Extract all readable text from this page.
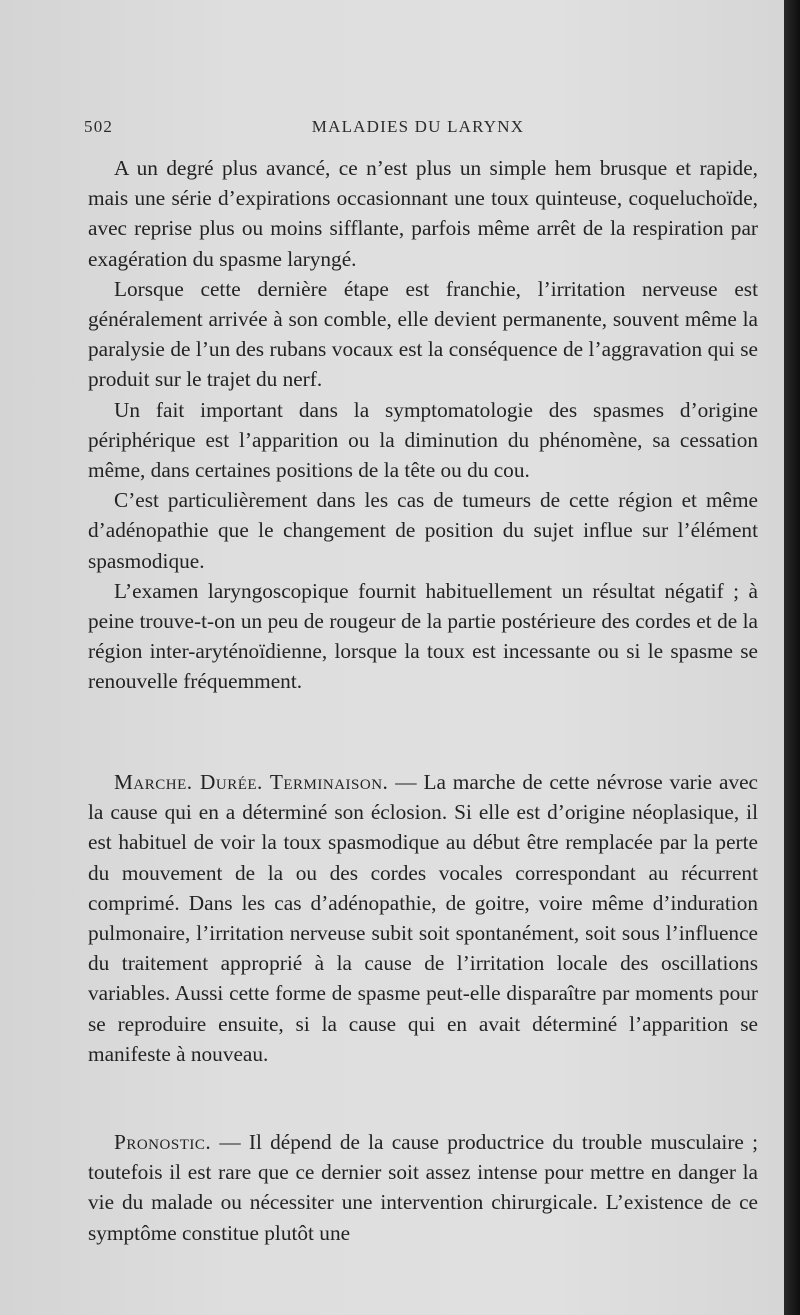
502	MALADIES DU LARYNX

A un degré plus avancé, ce n’est plus un simple hem brusque et rapide, mais une série d’expirations occasionnant une toux quinteuse, coqueluchoïde, avec reprise plus ou moins sifflante, parfois même arrêt de la respiration par exagération du spasme laryngé.

Lorsque cette dernière étape est franchie, l’irritation nerveuse est généralement arrivée à son comble, elle devient permanente, souvent même la paralysie de l’un des rubans vocaux est la conséquence de l’aggravation qui se produit sur le trajet du nerf.

Un fait important dans la symptomatologie des spasmes d’origine périphérique est l’apparition ou la diminution du phénomène, sa cessation même, dans certaines positions de la tête ou du cou.

C’est particulièrement dans les cas de tumeurs de cette région et même d’adénopathie que le changement de position du sujet influe sur l’élément spasmodique.

L’examen laryngoscopique fournit habituellement un résultat négatif ; à peine trouve-t-on un peu de rougeur de la partie postérieure des cordes et de la région inter-aryténoïdienne, lorsque la toux est incessante ou si le spasme se renouvelle fréquemment.

Marche. Durée. Terminaison. — La marche de cette névrose varie avec la cause qui en a déterminé son éclosion. Si elle est d’origine néoplasique, il est habituel de voir la toux spasmodique au début être remplacée par la perte du mouvement de la ou des cordes vocales correspondant au récurrent comprimé. Dans les cas d’adénopathie, de goitre, voire même d’induration pulmonaire, l’irritation nerveuse subit soit spontanément, soit sous l’influence du traitement approprié à la cause de l’irritation locale des oscillations variables. Aussi cette forme de spasme peut-elle disparaître par moments pour se reproduire ensuite, si la cause qui en avait déterminé l’apparition se manifeste à nouveau.

Pronostic. — Il dépend de la cause productrice du trouble musculaire ; toutefois il est rare que ce dernier soit assez intense pour mettre en danger la vie du malade ou nécessiter une intervention chirurgicale. L’existence de ce symptôme constitue plutôt une
